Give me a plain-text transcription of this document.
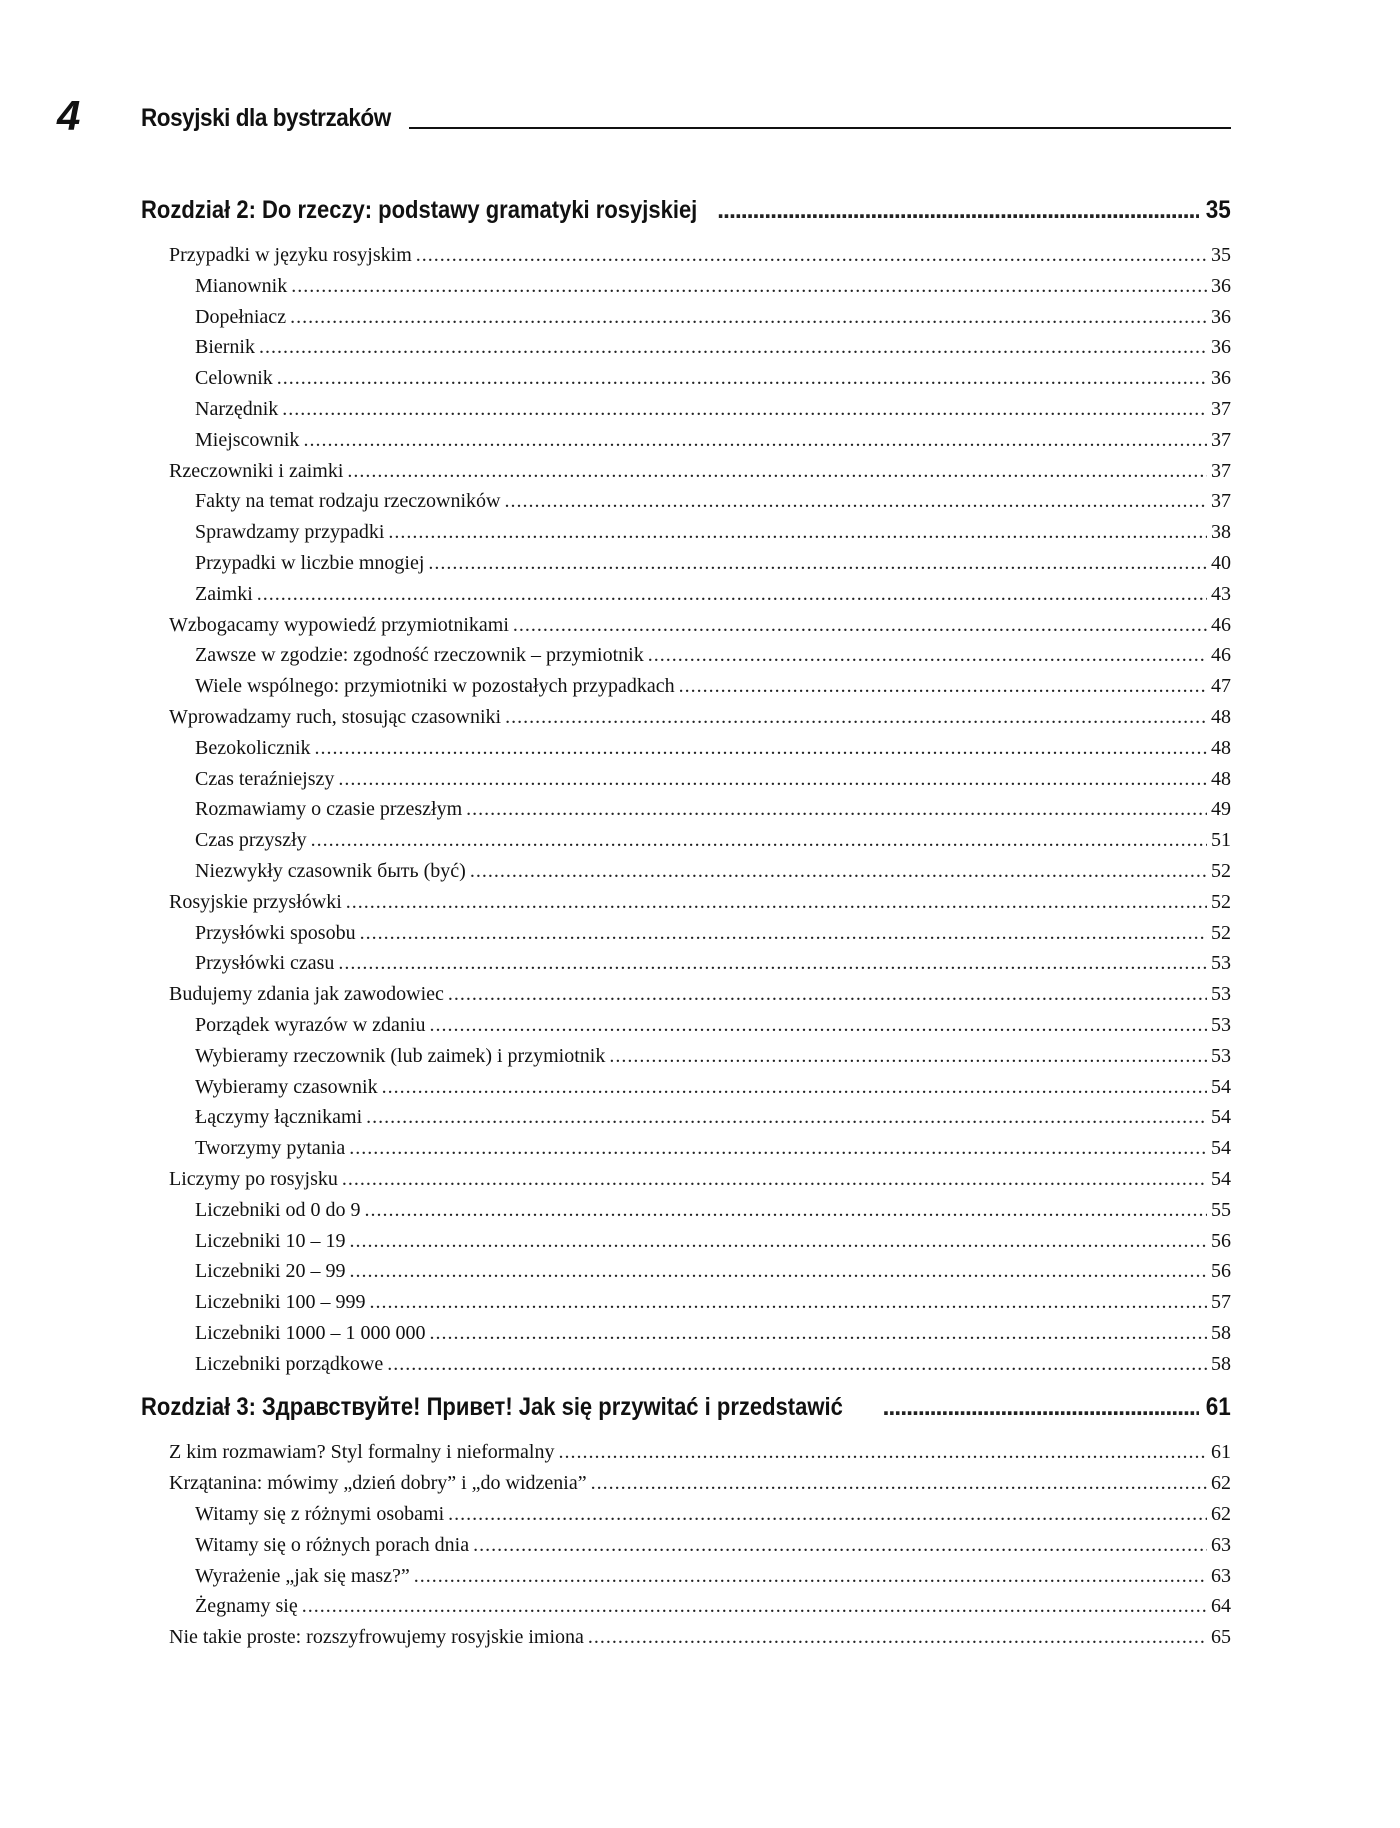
4 Rosyjski dla bystrzaków
Rozdział 2: Do rzeczy: podstawy gramatyki rosyjskiej . . .	35
Przypadki w języku rosyjskim . . .	35
Mianownik . . .	36
Dopełniacz . . .	36
Biernik . . .	36
Celownik . . .	36
Narzędnik . . .	37
Miejscownik . . .	37
Rzeczowniki i zaimki . . .	37
Fakty na temat rodzaju rzeczowników . . .	37
Sprawdzamy przypadki . . .	38
Przypadki w liczbie mnogiej . . .	40
Zaimki . . .	43
Wzbogacamy wypowiedź przymiotnikami . . .	46
Zawsze w zgodzie: zgodność rzeczownik – przymiotnik . . .	46
Wiele wspólnego: przymiotniki w pozostałych przypadkach . . .	47
Wprowadzamy ruch, stosując czasowniki . . .	48
Bezokolicznik . . .	48
Czas teraźniejszy . . .	48
Rozmawiamy o czasie przeszłym . . .	49
Czas przyszły . . .	51
Niezwykły czasownik быть (być) . . .	52
Rosyjskie przysłówki . . .	52
Przysłówki sposobu . . .	52
Przysłówki czasu . . .	53
Budujemy zdania jak zawodowiec . . .	53
Porządek wyrazów w zdaniu . . .	53
Wybieramy rzeczownik (lub zaimek) i przymiotnik . . .	53
Wybieramy czasownik . . .	54
Łączymy łącznikami . . .	54
Tworzymy pytania . . .	54
Liczymy po rosyjsku . . .	54
Liczebniki od 0 do 9 . . .	55
Liczebniki 10 – 19 . . .	56
Liczebniki 20 – 99 . . .	56
Liczebniki 100 – 999 . . .	57
Liczebniki 1000 – 1 000 000 . . .	58
Liczebniki porządkowe . . .	58
Rozdział 3: Здравствуйте! Привет! Jak się przywitać i przedstawić . . .	61
Z kim rozmawiam? Styl formalny i nieformalny . . .	61
Krzątanina: mówimy „dzień dobry” i „do widzenia” . . .	62
Witamy się z różnymi osobami . . .	62
Witamy się o różnych porach dnia . . .	63
Wyrażenie „jak się masz?” . . .	63
Żegnamy się . . .	64
Nie takie proste: rozszyfrowujemy rosyjskie imiona . . .	65
